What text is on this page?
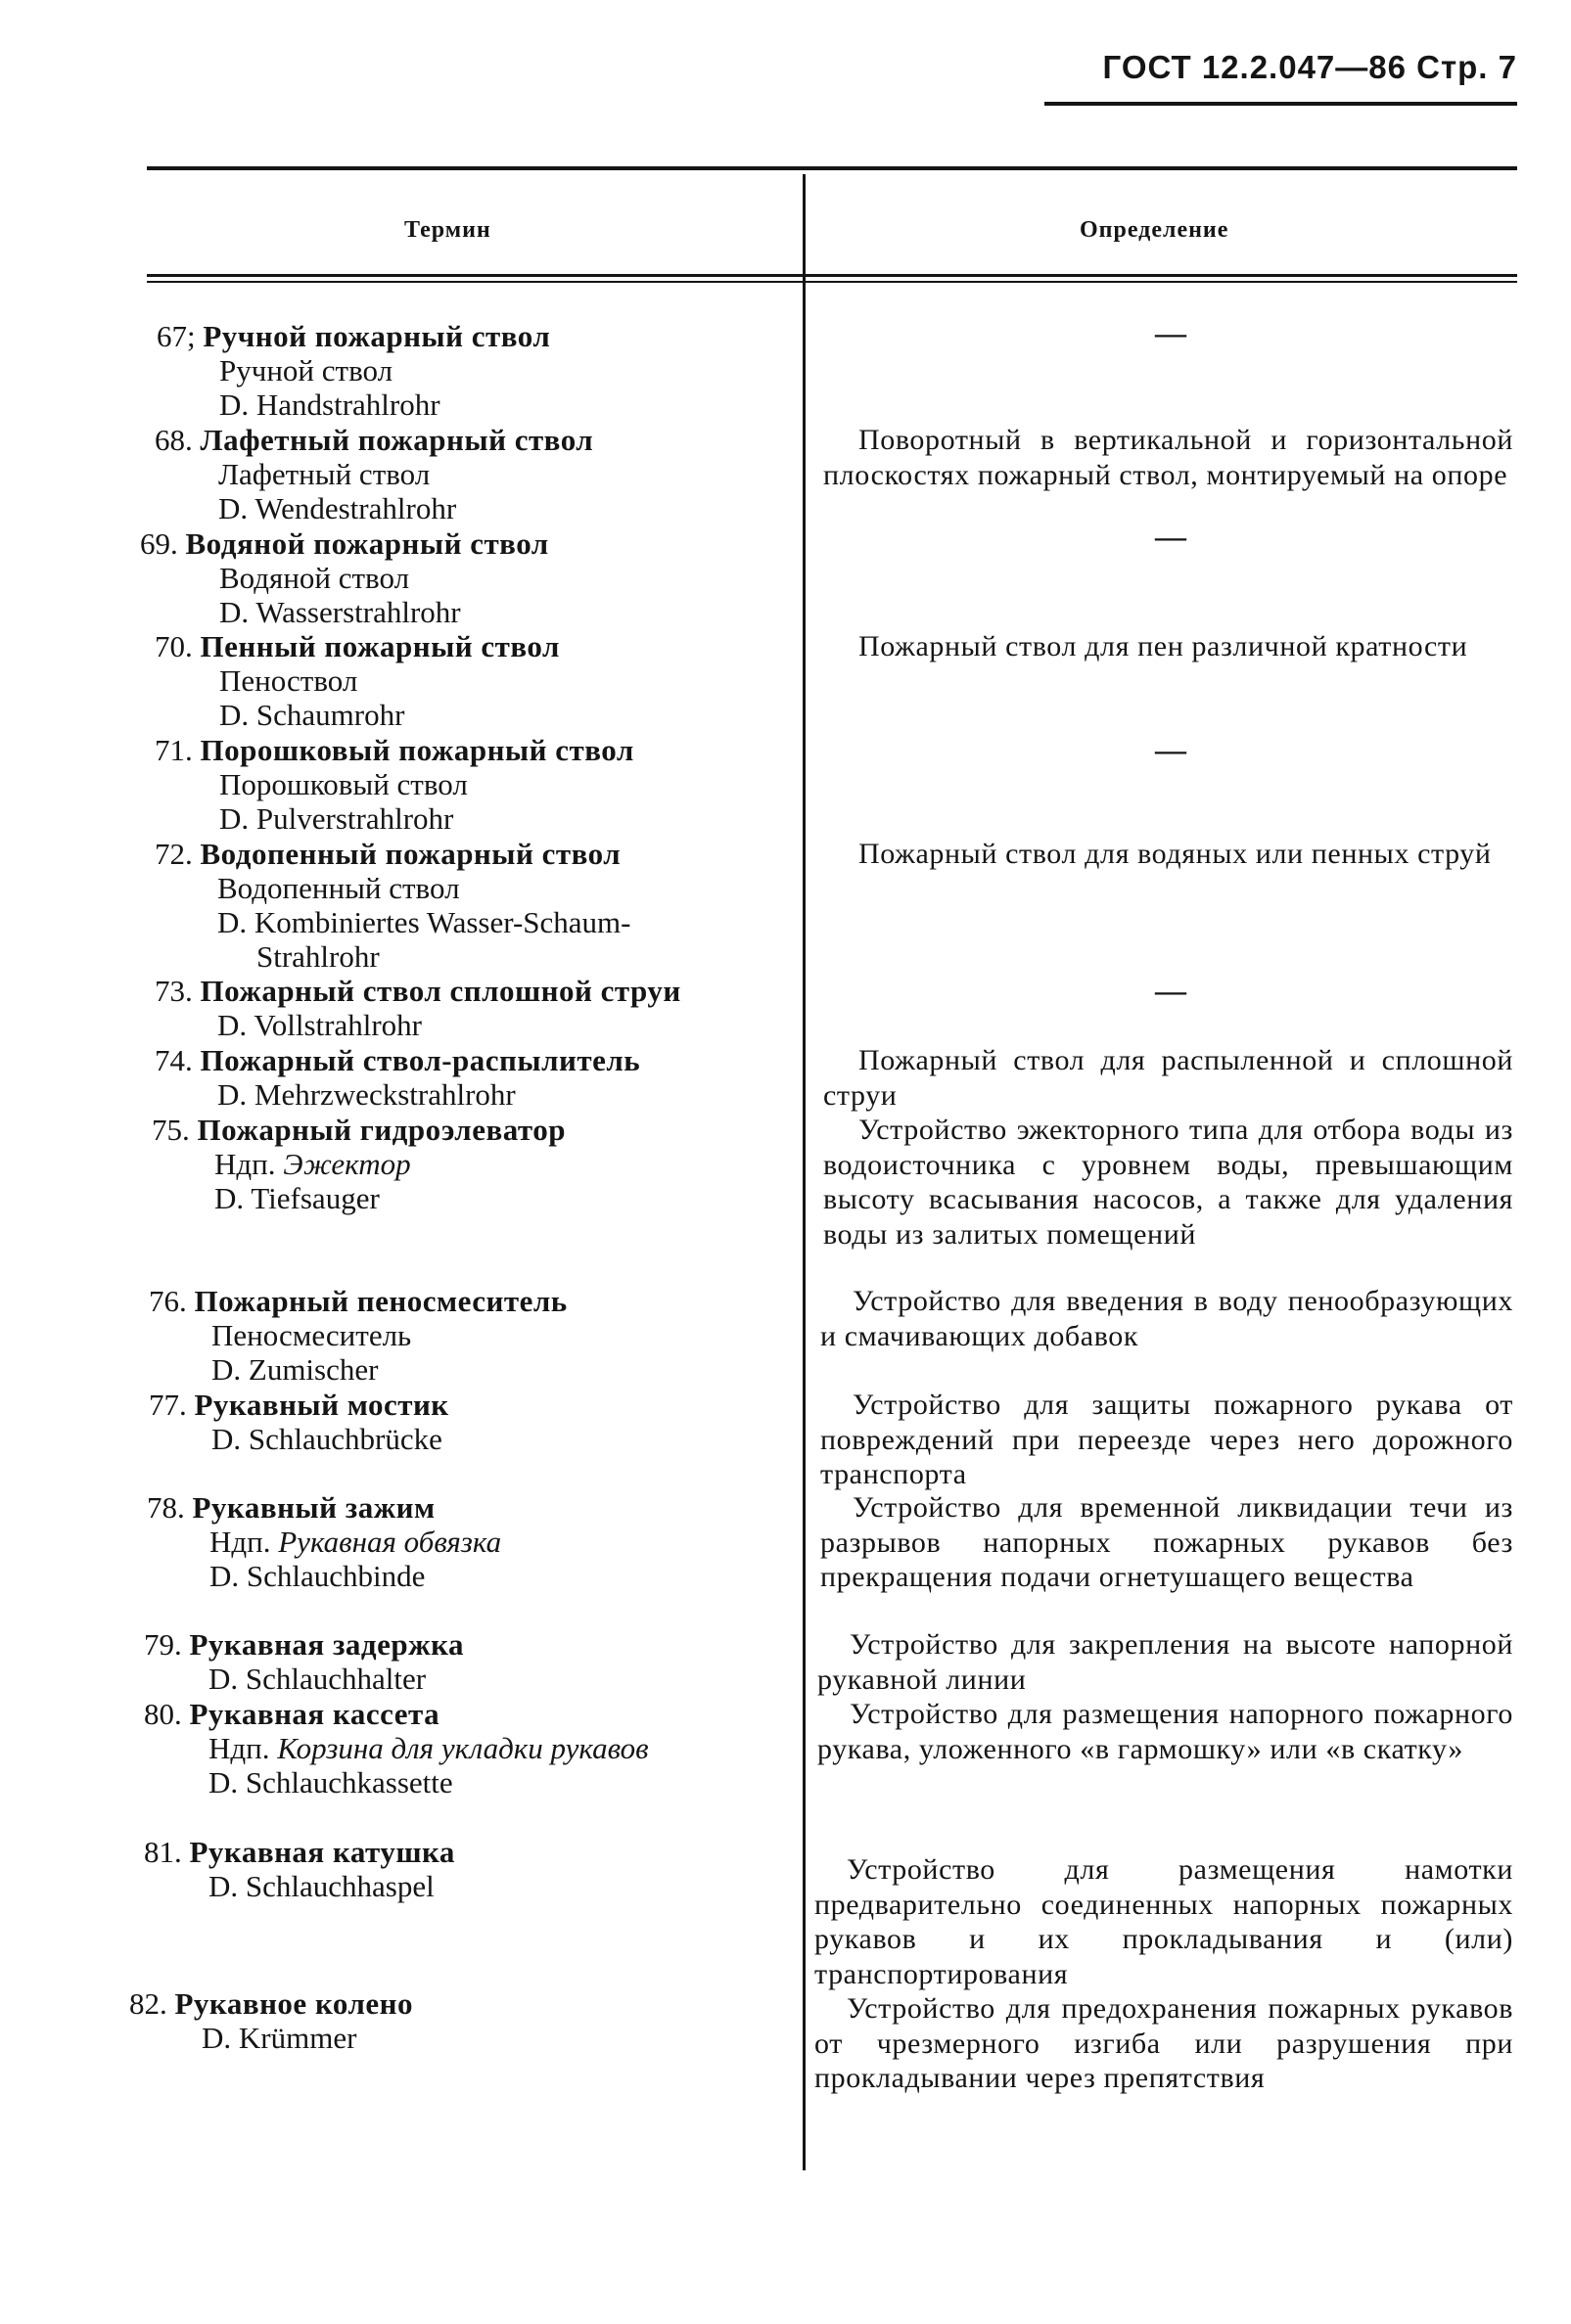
ГОСТ 12.2.047—86 Стр. 7
Термин	Определение
67; Ручной пожарный ствол
Ручной ствол
D. Handstrahlrohr
—
68. Лафетный пожарный ствол
Лафетный ствол
D. Wendestrahlrohr
Поворотный в вертикальной и горизонтальной плоскостях пожарный ствол, монтируемый на опоре
69. Водяной пожарный ствол
Водяной ствол
D. Wasserstrahlrohr
—
70. Пенный пожарный ствол
Пеноствол
D. Schaumrohr
Пожарный ствол для пен различной кратности
71. Порошковый пожарный ствол
Порошковый ствол
D. Pulverstrahlrohr
—
72. Водопенный пожарный ствол
Водопенный ствол
D. Kombiniertes Wasser-Schaum-
Strahlrohr
Пожарный ствол для водяных или пенных струй
73. Пожарный ствол сплошной струи
D. Vollstrahlrohr
—
74. Пожарный ствол-распылитель
D. Mehrzweckstrahlrohr
Пожарный ствол для распыленной и сплошной струи
75. Пожарный гидроэлеватор
Ндп. Эжектор
D. Tiefsauger
Устройство эжекторного типа для отбора воды из водоисточника с уровнем воды, превышающим высоту всасывания насосов, а также для удаления воды из залитых помещений
76. Пожарный пеносмеситель
Пеносмеситель
D. Zumischer
Устройство для введения в воду пенообразующих и смачивающих добавок
77. Рукавный мостик
D. Schlauchbrücke
Устройство для защиты пожарного рукава от повреждений при переезде через него дорожного транспорта
78. Рукавный зажим
Ндп. Рукавная обвязка
D. Schlauchbinde
Устройство для временной ликвидации течи из разрывов напорных пожарных рукавов без прекращения подачи огнетушащего вещества
79. Рукавная задержка
D. Schlauchhalter
Устройство для закрепления на высоте напорной рукавной линии
80. Рукавная кассета
Ндп. Корзина для укладки рукавов
D. Schlauchkassette
Устройство для размещения напорного пожарного рукава, уложенного «в гармошку» или «в скатку»
81. Рукавная катушка
D. Schlauchhaspel	Устройство для размещения намотки предварительно соединенных напорных пожарных рукавов и их прокладывания и (или) транспортирования
82. Рукавное колено
D. Krümmer
Устройство для предохранения пожарных рукавов от чрезмерного изгиба или разрушения при прокладывании через препятствия
